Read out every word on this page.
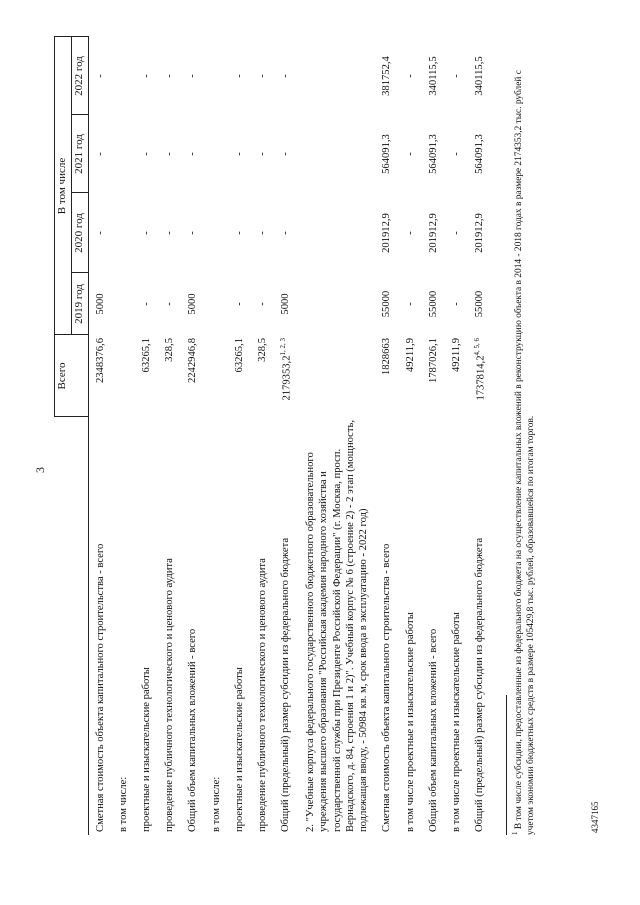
3
	Всего	В том числе			
		2019 год	2020 год	2021 год	2022 год
Сметная стоимость объекта капитального строительства - всего	2348376,6	5000	-	-	-
в том числе:					
проектные и изыскательские работы	63265,1	-	-	-	-
проведение публичного технологического и ценового аудита	328,5	-	-	-	-
Общий объем капитальных вложений - всего	2242946,8	5000	-	-	-
в том числе:					
проектные и изыскательские работы	63265,1	-	-	-	-
проведение публичного технологического и ценового аудита	328,5	-	-	-	-
Общий (предельный) размер субсидии из федерального бюджета	2179353,2$^{1, 2, 3}$	5000	-	-	-
2. "Учебные корпуса федерального государственного бюджетного образовательного учреждения высшего образования "Российская академия народного хозяйства и государственной службы при Президенте Российской Федерации" (г. Москва, просп. Вернадского, д. 84, строения 1 и 2)". Учебный корпус № 6 (строение 2) - 2 этап (мощность, подлежащая вводу, - 50984 кв. м, срок ввода в эксплуатацию - 2022 год)					
Сметная стоимость объекта капитального строительства - всего	1828663	55000	201912,9	564091,3	381752,4
в том числе проектные и изыскательские работы	49211,9	-	-	-	-
Общий объем капитальных вложений - всего	1787026,1	55000	201912,9	564091,3	340115,5
в том числе проектные и изыскательские работы	49211,9	-	-	-	-
Общий (предельный) размер субсидии из федерального бюджета	1737814,2$^{4, 5, 6}$	55000	201912,9	564091,3	340115,5
$^1$ В том числе субсидии, предоставленные из федерального бюджета на осуществление капитальных вложений в реконструкцию объекта в 2014 - 2018 годах в размере 2174353,2 тыс. рублей с учетом экономии бюджетных средств в размере 105429,8 тыс. рублей, образовавшейся по итогам торгов.	4347165
